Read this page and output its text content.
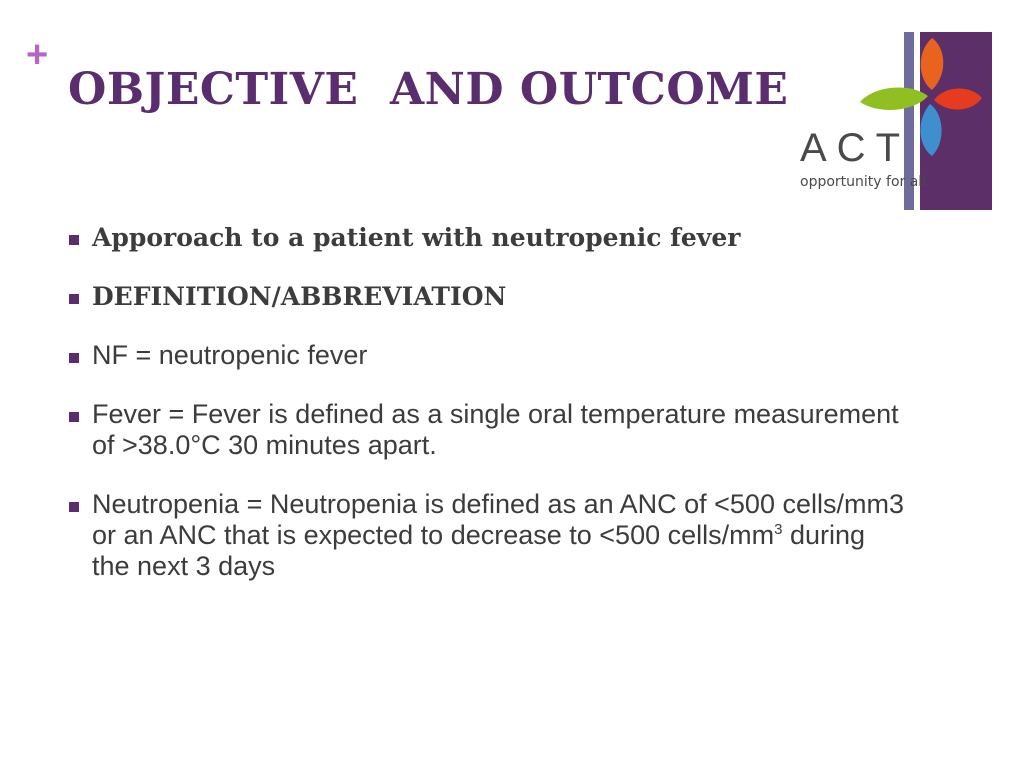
+
OBJECTIVE  AND OUTCOME
ACT
opportunity for all
Apporoach to a patient with neutropenic fever
DEFINITION/ABBREVIATION
NF = neutropenic fever
Fever = Fever is defined as a single oral temperature measurement of >38.0°C 30 minutes apart.
Neutropenia = Neutropenia is defined as an ANC of <500 cells/mm3 or an ANC that is expected to decrease to <500 cells/$mm^3$ during the next 3 days
